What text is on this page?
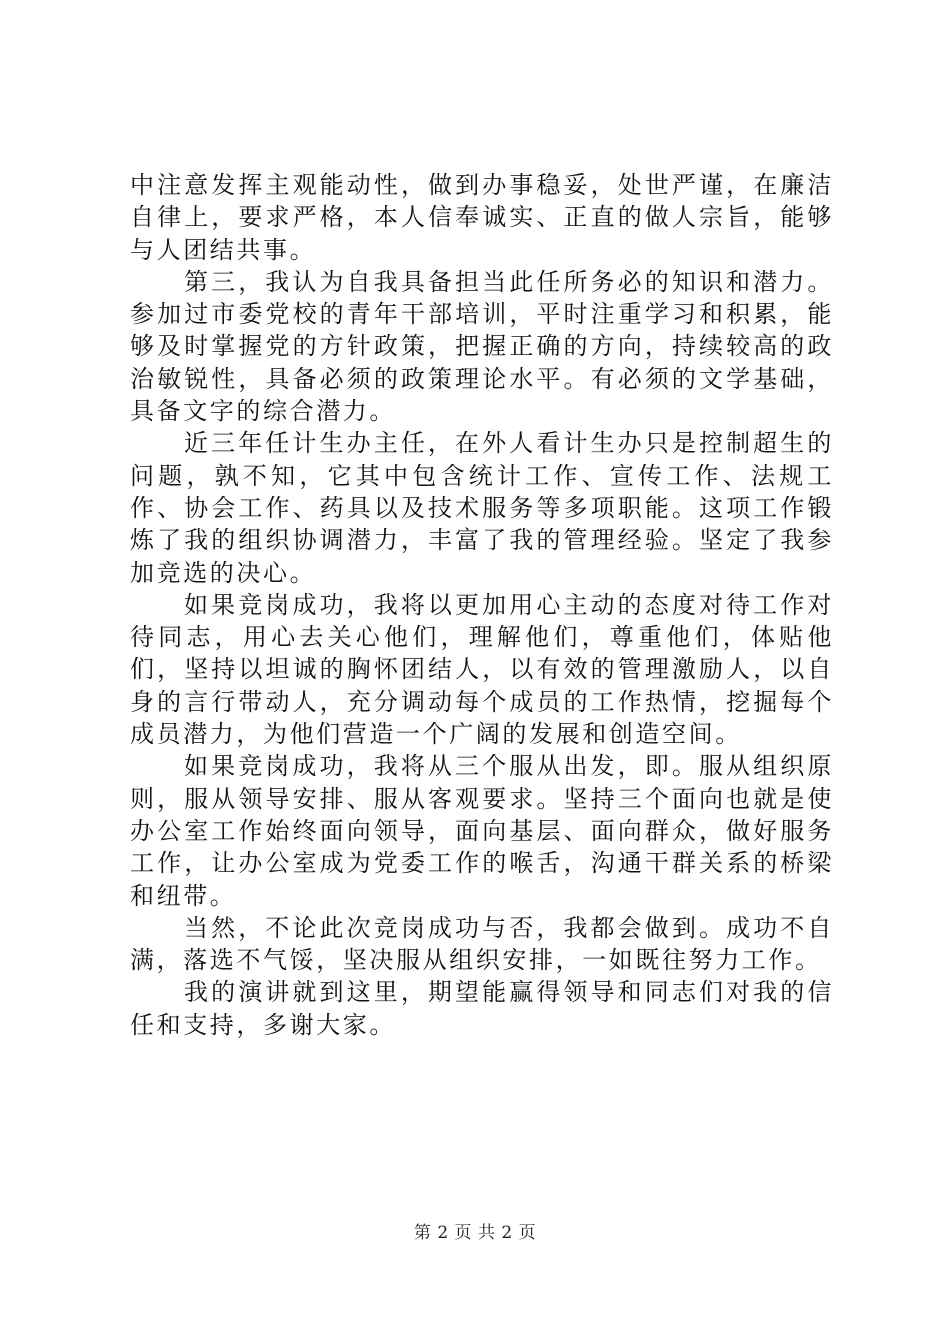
中注意发挥主观能动性，做到办事稳妥，处世严谨，在廉洁自律上，要求严格，本人信奉诚实、正直的做人宗旨，能够与人团结共事。

第三，我认为自我具备担当此任所务必的知识和潜力。参加过市委党校的青年干部培训，平时注重学习和积累，能够及时掌握党的方针政策，把握正确的方向，持续较高的政治敏锐性，具备必须的政策理论水平。有必须的文学基础，具备文字的综合潜力。

近三年任计生办主任，在外人看计生办只是控制超生的问题，孰不知，它其中包含统计工作、宣传工作、法规工作、协会工作、药具以及技术服务等多项职能。这项工作锻炼了我的组织协调潜力，丰富了我的管理经验。坚定了我参加竞选的决心。

如果竞岗成功，我将以更加用心主动的态度对待工作对待同志，用心去关心他们，理解他们，尊重他们，体贴他们，坚持以坦诚的胸怀团结人，以有效的管理激励人，以自身的言行带动人，充分调动每个成员的工作热情，挖掘每个成员潜力，为他们营造一个广阔的发展和创造空间。

如果竞岗成功，我将从三个服从出发，即。服从组织原则，服从领导安排、服从客观要求。坚持三个面向也就是使办公室工作始终面向领导，面向基层、面向群众，做好服务工作，让办公室成为党委工作的喉舌，沟通干群关系的桥梁和纽带。

当然，不论此次竞岗成功与否，我都会做到。成功不自满，落选不气馁，坚决服从组织安排，一如既往努力工作。

我的演讲就到这里，期望能赢得领导和同志们对我的信任和支持，多谢大家。

第 2 页 共 2 页
